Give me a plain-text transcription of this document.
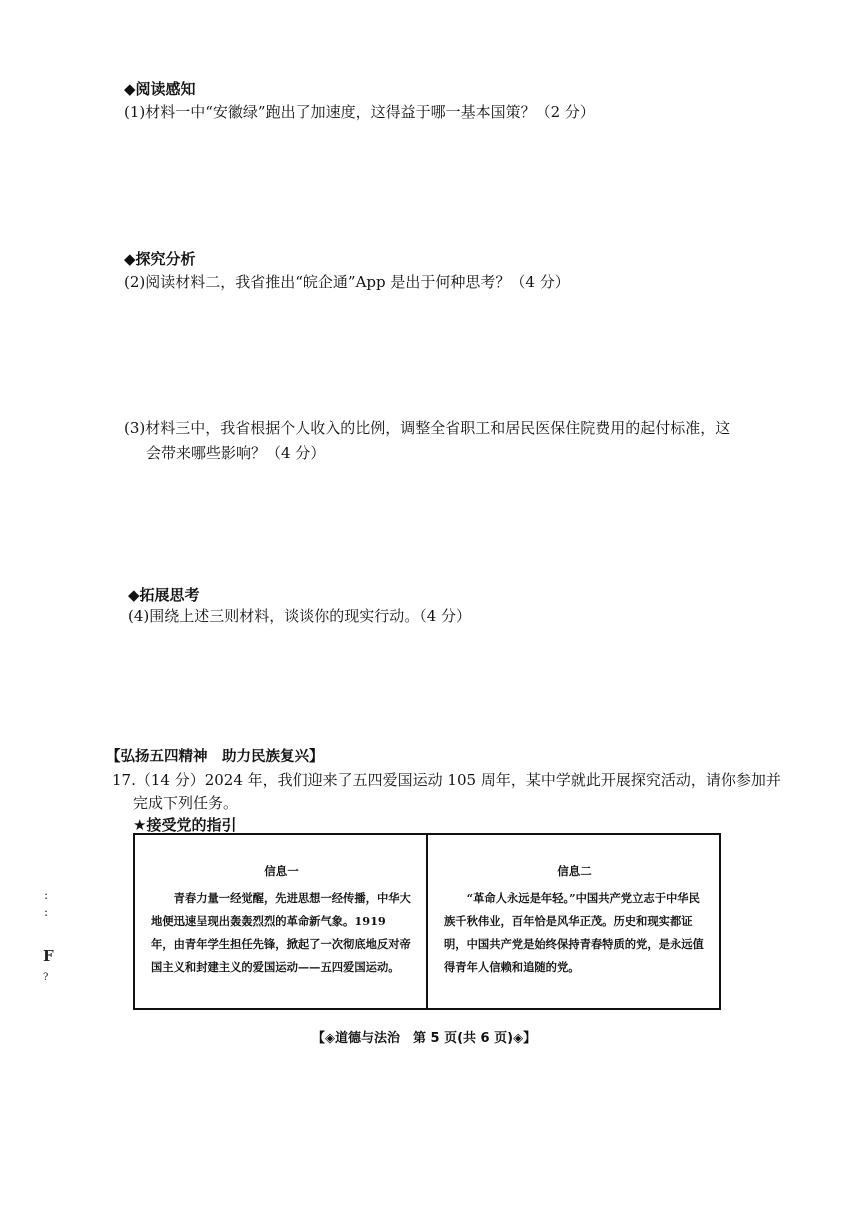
◆阅读感知
(1)材料一中“安徽绿”跑出了加速度，这得益于哪一基本国策？（2 分）
◆探究分析
(2)阅读材料二，我省推出“皖企通”App 是出于何种思考？（4 分）
(3)材料三中，我省根据个人收入的比例，调整全省职工和居民医保住院费用的起付标准，这
会带来哪些影响？（4 分）
◆拓展思考
(4)围绕上述三则材料，谈谈你的现实行动。（4 分）
【弘扬五四精神　助力民族复兴】
17.（14 分）2024 年，我们迎来了五四爱国运动 105 周年，某中学就此开展探究活动，请你参加并
完成下列任务。
★接受党的指引
信息一
青春力量一经觉醒，先进思想一经传播，中华大地便迅速呈现出轰轰烈烈的革命新气象。1919 年，由青年学生担任先锋，掀起了一次彻底地反对帝国主义和封建主义的爱国运动——五四爱国运动。
信息二
“革命人永远是年轻。”中国共产党立志于中华民族千秋伟业，百年恰是风华正茂。历史和现实都证明，中国共产党是始终保持青春特质的党，是永远值得青年人信赖和追随的党。
【◈道德与法治　第 5 页(共 6 页)◈】
:
:
F
?
